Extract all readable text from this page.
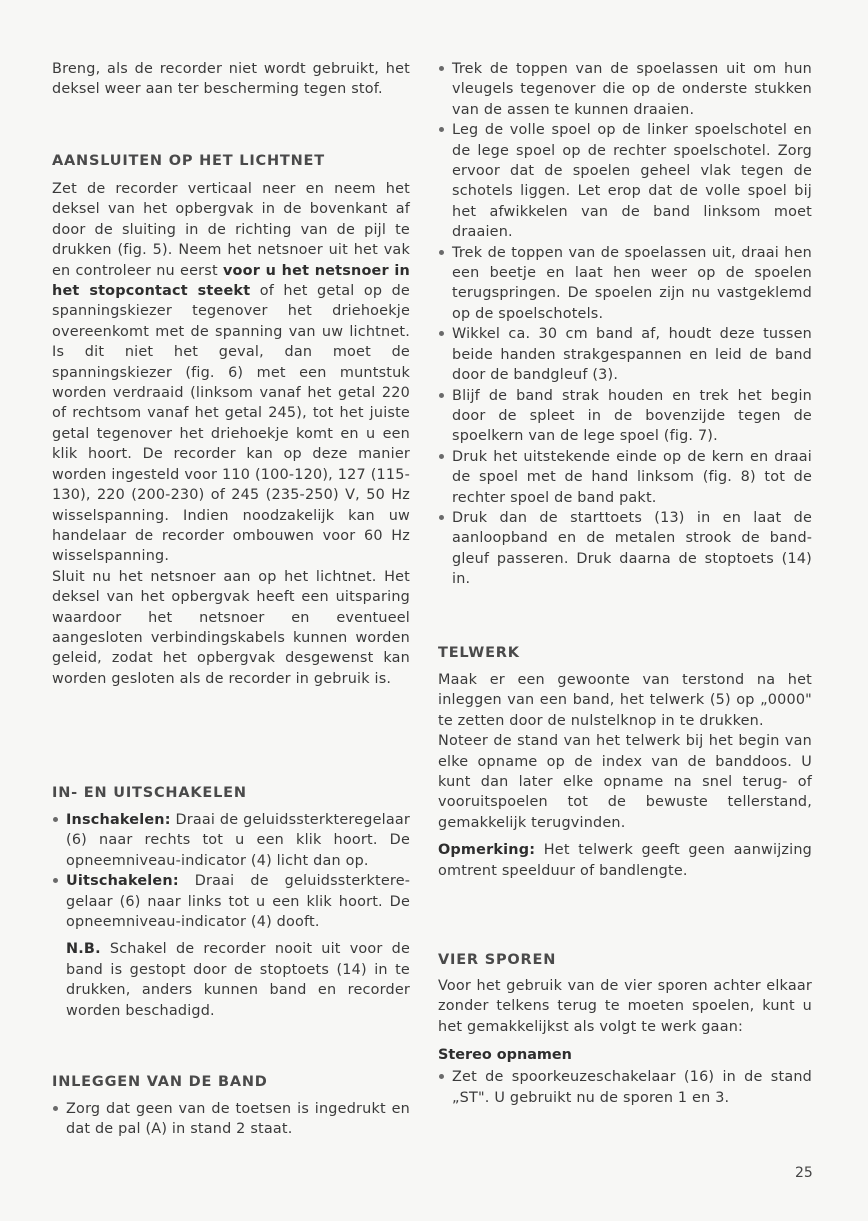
Breng, als de recorder niet wordt gebruikt, het deksel weer aan ter bescherming tegen stof.

AANSLUITEN OP HET LICHTNET

Zet de recorder verticaal neer en neem het deksel van het opbergvak in de bovenkant af door de sluiting in de richting van de pijl te drukken (fig. 5). Neem het netsnoer uit het vak en controleer nu eerst voor u het netsnoer in het stopcontact steekt of het getal op de spanningskiezer tegenover het driehoekje overeenkomt met de spanning van uw lichtnet. Is dit niet het geval, dan moet de spanningskiezer (fig. 6) met een muntstuk worden verdraaid (linksom vanaf het getal 220 of rechtsom vanaf het getal 245), tot het juiste getal tegenover het driehoekje komt en u een klik hoort. De recorder kan op deze manier worden ingesteld voor 110 (100-120), 127 (115-130), 220 (200-230) of 245 (235-250) V, 50 Hz wisselspanning. Indien noodzakelijk kan uw handelaar de recorder ombouwen voor 60 Hz wisselspanning.

Sluit nu het netsnoer aan op het lichtnet. Het deksel van het opbergvak heeft een uitsparing waardoor het netsnoer en eventueel aangesloten verbindingskabels kunnen worden geleid, zodat het opbergvak desgewenst kan worden gesloten als de recorder in gebruik is.

IN- EN UITSCHAKELEN

Inschakelen: Draai de geluidssterkteregelaar (6) naar rechts tot u een klik hoort. De opneemniveau-indicator (4) licht dan op.

Uitschakelen: Draai de geluidssterkteregelaar (6) naar links tot u een klik hoort. De opneemniveau-indicator (4) dooft.

N.B. Schakel de recorder nooit uit voor de band is gestopt door de stoptoets (14) in te drukken, anders kunnen band en recorder worden beschadigd.

INLEGGEN VAN DE BAND

Zorg dat geen van de toetsen is ingedrukt en dat de pal (A) in stand 2 staat.

Trek de toppen van de spoelassen uit om hun vleugels tegenover die op de onderste stukken van de assen te kunnen draaien.

Leg de volle spoel op de linker spoelschotel en de lege spoel op de rechter spoelschotel. Zorg ervoor dat de spoelen geheel vlak tegen de schotels liggen. Let erop dat de volle spoel bij het afwikkelen van de band linksom moet draaien.

Trek de toppen van de spoelassen uit, draai hen een beetje en laat hen weer op de spoelen terugspringen. De spoelen zijn nu vastgeklemd op de spoelschotels.

Wikkel ca. 30 cm band af, houdt deze tussen beide handen strakgespannen en leid de band door de bandgleuf (3).

Blijf de band strak houden en trek het begin door de spleet in de bovenzijde tegen de spoelkern van de lege spoel (fig. 7).

Druk het uitstekende einde op de kern en draai de spoel met de hand linksom (fig. 8) tot de rechter spoel de band pakt.

Druk dan de starttoets (13) in en laat de aanloopband en de metalen strook de bandgleuf passeren. Druk daarna de stoptoets (14) in.

TELWERK

Maak er een gewoonte van terstond na het inleggen van een band, het telwerk (5) op „0000" te zetten door de nulstelknop in te drukken.

Noteer de stand van het telwerk bij het begin van elke opname op de index van de banddoos. U kunt dan later elke opname na snel terug- of vooruitspoelen tot de bewuste tellerstand, gemakkelijk terugvinden.

Opmerking: Het telwerk geeft geen aanwijzing omtrent speelduur of bandlengte.

VIER SPOREN

Voor het gebruik van de vier sporen achter elkaar zonder telkens terug te moeten spoelen, kunt u het gemakkelijkst als volgt te werk gaan:

Stereo opnamen

Zet de spoorkeuzeschakelaar (16) in de stand „ST". U gebruikt nu de sporen 1 en 3.

25
